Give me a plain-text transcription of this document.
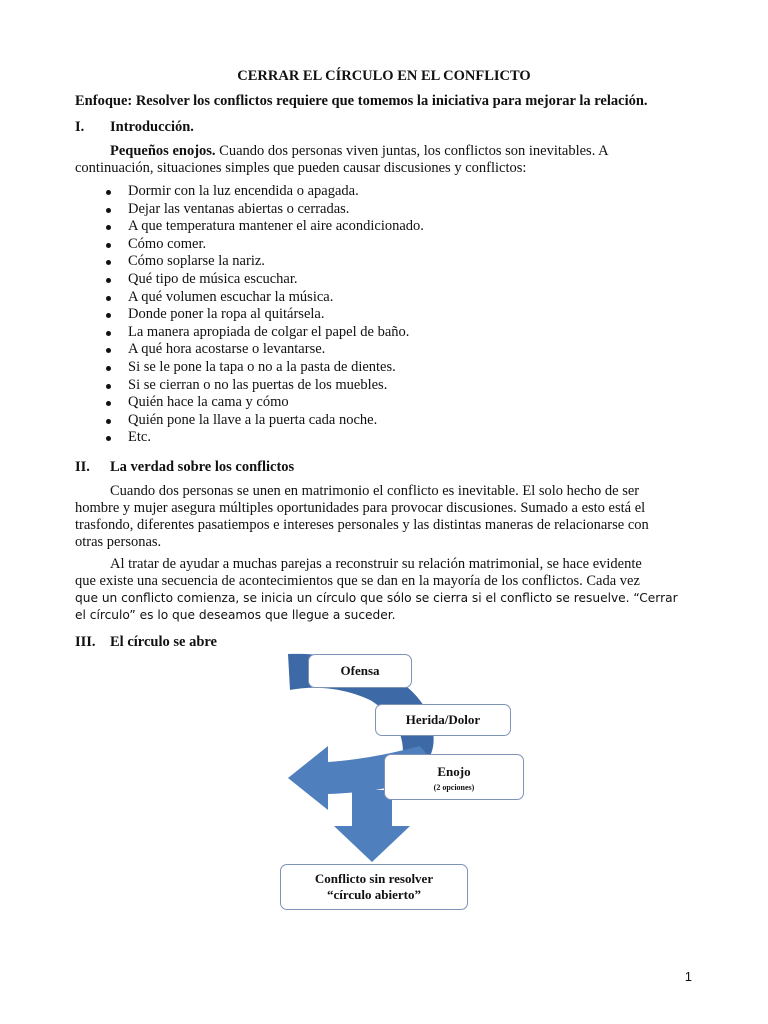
CERRAR EL CÍRCULO EN EL CONFLICTO
Enfoque: Resolver los conflictos requiere que tomemos la iniciativa para mejorar la relación.
I. Introducción.
Pequeños enojos. Cuando dos personas viven juntas, los conflictos son inevitables. A
continuación, situaciones simples que pueden causar discusiones y conflictos:
Dormir con la luz encendida o apagada.
Dejar las ventanas abiertas o cerradas.
A que temperatura mantener el aire acondicionado.
Cómo comer.
Cómo soplarse la nariz.
Qué tipo de música escuchar.
A qué volumen escuchar la música.
Donde poner la ropa al quitársela.
La manera apropiada de colgar el papel de baño.
A qué hora acostarse o levantarse.
Si se le pone la tapa o no a la pasta de dientes.
Si se cierran o no las puertas de los muebles.
Quién hace la cama y cómo
Quién pone la llave a la puerta cada noche.
Etc.
II. La verdad sobre los conflictos
Cuando dos personas se unen en matrimonio el conflicto es inevitable. El solo hecho de ser
hombre y mujer asegura múltiples oportunidades para provocar discusiones. Sumado a esto está el
trasfondo, diferentes pasatiempos e intereses personales y las distintas maneras de relacionarse con
otras personas.
Al tratar de ayudar a muchas parejas a reconstruir su relación matrimonial, se hace evidente
que existe una secuencia de acontecimientos que se dan en la mayoría de los conflictos. Cada vez
que un conflicto comienza, se inicia un círculo que sólo se cierra si el conflicto se resuelve. “Cerrar
el círculo” es lo que deseamos que llegue a suceder.
III. El círculo se abre
Ofensa
Herida/Dolor
Enojo
(2 opciones)
Conflicto sin resolver
“círculo abierto”
1
